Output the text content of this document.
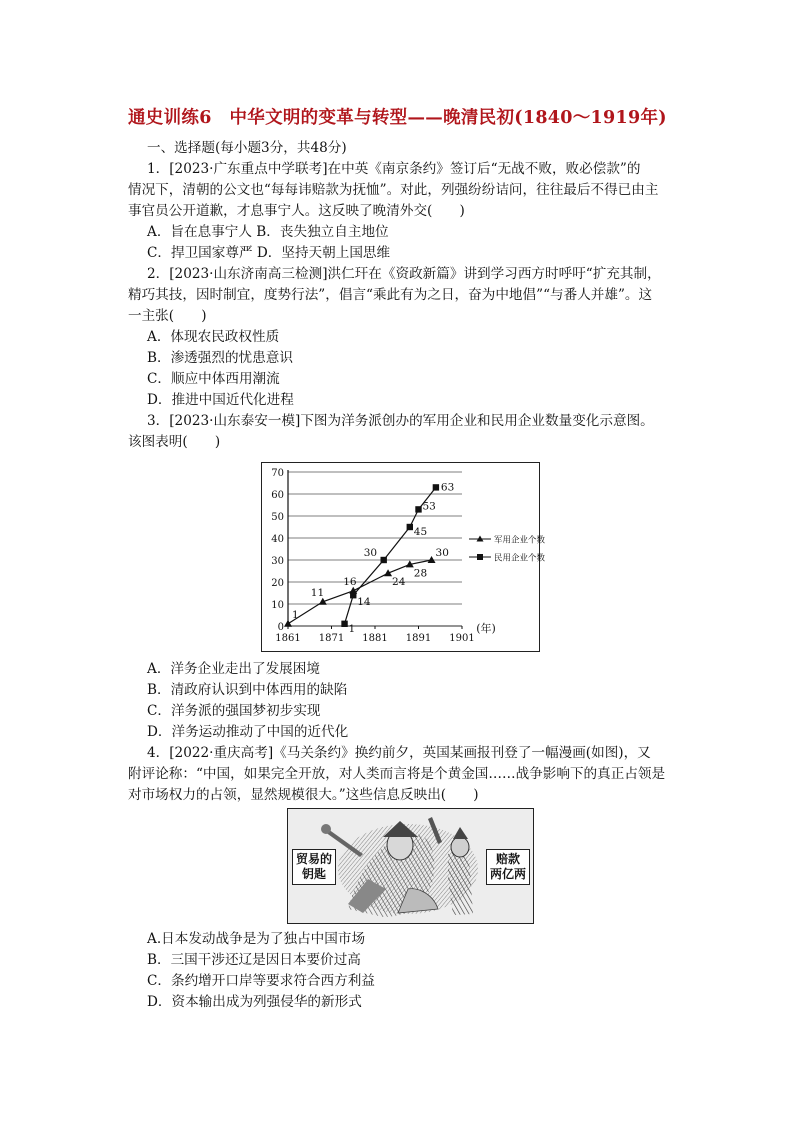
通史训练6　中华文明的变革与转型——晚清民初(1840～1919年)
一、选择题(每小题3分，共48分)
1．[2023·广东重点中学联考]在中英《南京条约》签订后“无战不败，败必偿款”的
情况下，清朝的公文也“每每讳赔款为抚恤”。对此，列强纷纷诘问，往往最后不得已由主
事官员公开道歉，才息事宁人。这反映了晚清外交(　　)
A．旨在息事宁人 B．丧失独立自主地位
C．捍卫国家尊严 D．坚持天朝上国思维
2．[2023·山东济南高三检测]洪仁玕在《资政新篇》讲到学习西方时呼吁“扩充其制，
精巧其技，因时制宜，度势行法”，倡言“乘此有为之日，奋为中地倡”“与番人并雄”。这
一主张(　　)
A．体现农民政权性质
B．渗透强烈的忧患意识
C．顺应中体西用潮流
D．推进中国近代化进程
3．[2023·山东泰安一模]下图为洋务派创办的军用企业和民用企业数量变化示意图。
该图表明(　　)
0
10
20
30
40
50
60
70
1861 1871 1881 1891 1901
(年)
1
11
16	24
28
30
1
14
30
45
53
63
军用企业个数
民用企业个数
A．洋务企业走出了发展困境
B．清政府认识到中体西用的缺陷
C．洋务派的强国梦初步实现
D．洋务运动推动了中国的近代化
4．[2022·重庆高考]《马关条约》换约前夕，英国某画报刊登了一幅漫画(如图)，又
附评论称：“中国，如果完全开放，对人类而言将是个黄金国……战争影响下的真正占领是
对市场权力的占领，显然规模很大。”这些信息反映出(　　)
贸易的
钥匙
赔款
两亿两
A.日本发动战争是为了独占中国市场
B．三国干涉还辽是因日本要价过高
C．条约增开口岸等要求符合西方利益
D．资本输出成为列强侵华的新形式
